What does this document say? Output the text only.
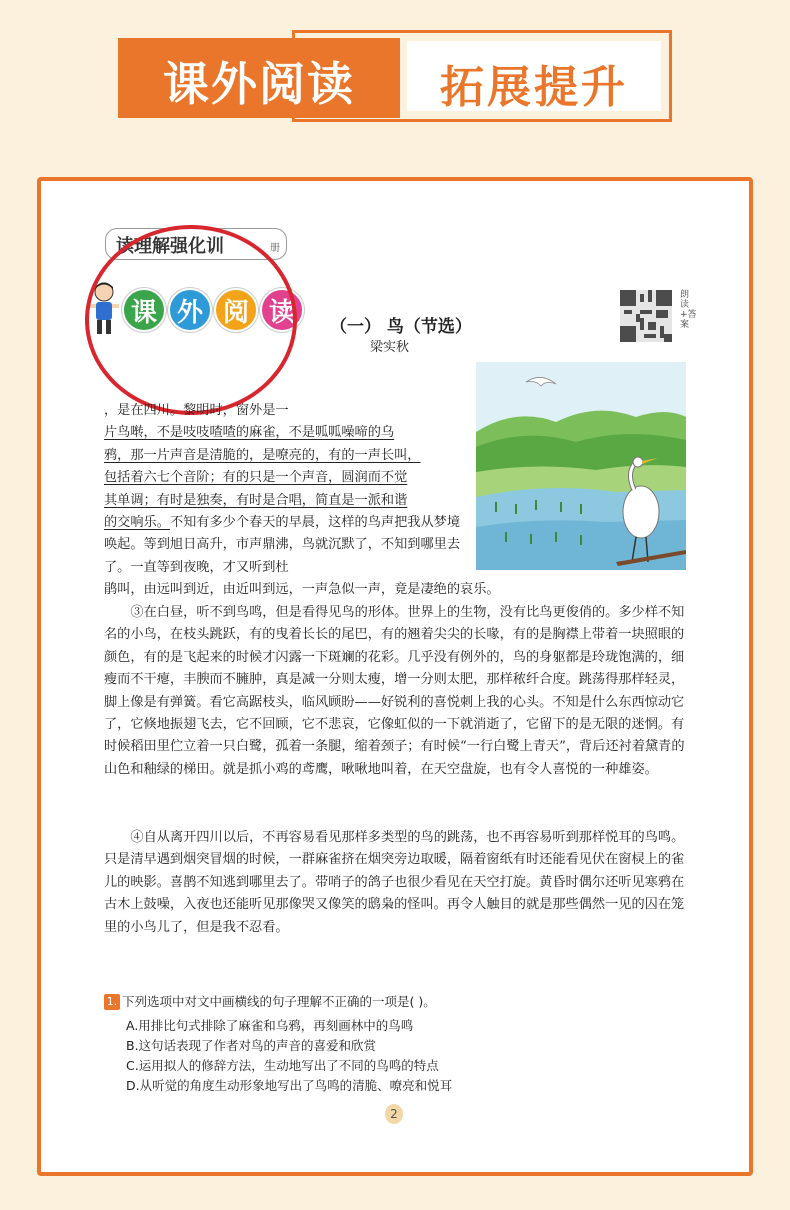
拓展提升
课外阅读
读理解强化训	册
课 外 阅 读	（一） 鸟（节选）
梁实秋
朗读+答案
，是在四川。黎明时，窗外是一
片鸟啭，不是吱吱喳喳的麻雀，不是呱呱噪啼的乌
鸦，那一片声音是清脆的，是嘹亮的，有的一声长叫，
包括着六七个音阶；有的只是一个声音，圆润而不觉
其单调；有时是独奏，有时是合唱，简直是一派和谐
的交响乐。不知有多少个春天的早晨，这样的鸟声把我从梦境唤起。等到旭日高升，市声鼎沸，鸟就沉默了，不知到哪里去了。一直等到夜晚，才又听到杜
鹃叫，由远叫到近，由近叫到远，一声急似一声，竟是凄绝的哀乐。
③在白昼，听不到鸟鸣，但是看得见鸟的形体。世界上的生物，没有比鸟更俊俏的。多少样不知名的小鸟，在枝头跳跃，有的曳着长长的尾巴，有的翘着尖尖的长喙，有的是胸襟上带着一块照眼的颜色，有的是飞起来的时候才闪露一下斑斓的花彩。几乎没有例外的，鸟的身躯都是玲珑饱满的，细瘦而不干瘪，丰腴而不臃肿，真是减一分则太瘦，增一分则太肥，那样秾纤合度。跳荡得那样轻灵，脚上像是有弹簧。看它高踞枝头，临风顾盼——好锐利的喜悦刺上我的心头。不知是什么东西惊动它了，它倏地振翅飞去，它不回顾，它不悲哀，它像虹似的一下就消逝了，它留下的是无限的迷惘。有时候稻田里伫立着一只白鹭，孤着一条腿，缩着颈子；有时候“一行白鹭上青天”，背后还衬着黛青的山色和釉绿的梯田。就是抓小鸡的鸢鹰，啾啾地叫着，在天空盘旋，也有令人喜悦的一种雄姿。
④自从离开四川以后，不再容易看见那样多类型的鸟的跳荡，也不再容易听到那样悦耳的鸟鸣。只是清早遇到烟突冒烟的时候，一群麻雀挤在烟突旁边取暖，隔着窗纸有时还能看见伏在窗棂上的雀儿的映影。喜鹊不知逃到哪里去了。带哨子的鸽子也很少看见在天空打旋。黄昏时偶尔还听见寒鸦在古木上鼓噪，入夜也还能听见那像哭又像笑的鸱枭的怪叫。再令人触目的就是那些偶然一见的囚在笼里的小鸟儿了，但是我不忍看。
1. 下列选项中对文中画横线的句子理解不正确的一项是( )。
A.用排比句式排除了麻雀和乌鸦，再刻画林中的鸟鸣
B.这句话表现了作者对鸟的声音的喜爱和欣赏
C.运用拟人的修辞方法，生动地写出了不同的鸟鸣的特点
D.从听觉的角度生动形象地写出了鸟鸣的清脆、嘹亮和悦耳
2
